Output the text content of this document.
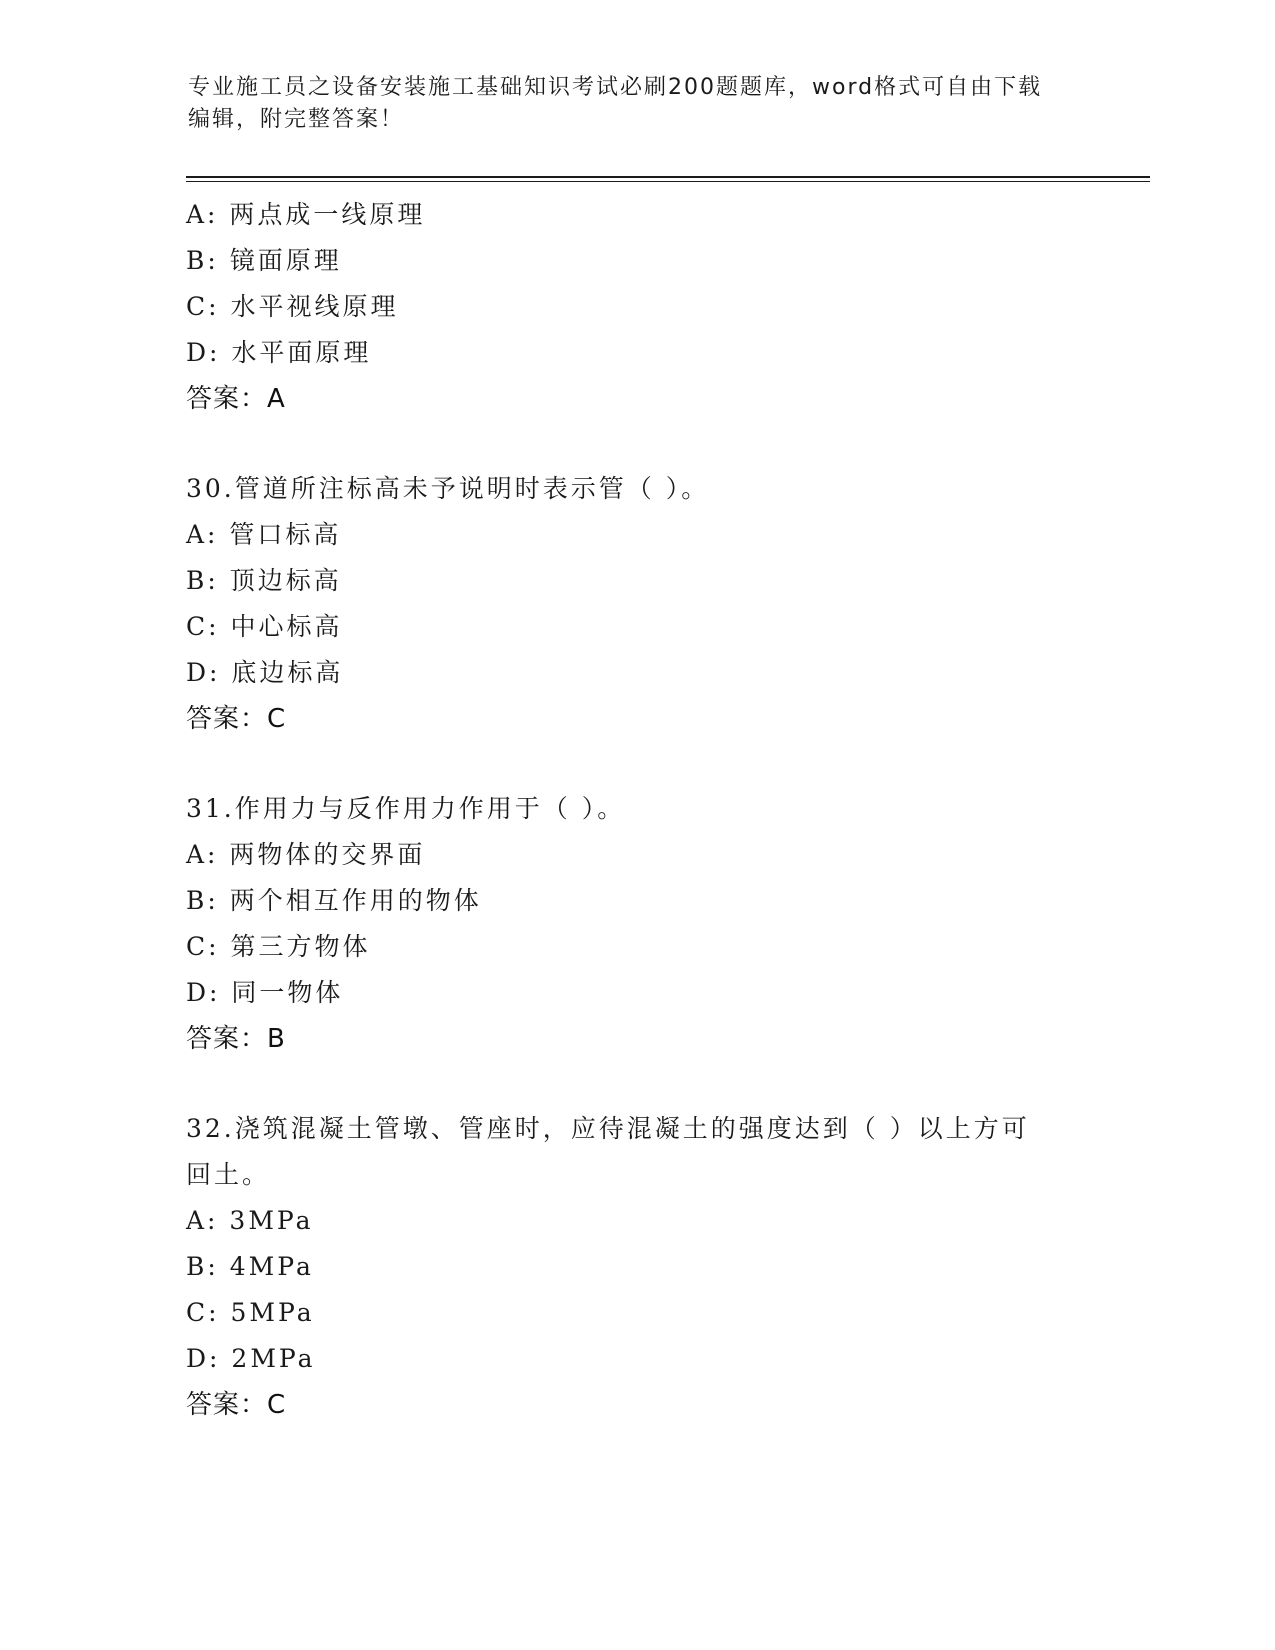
专业施工员之设备安装施工基础知识考试必刷200题题库，word格式可自由下载
编辑，附完整答案！
A: 两点成一线原理
B: 镜面原理
C: 水平视线原理
D: 水平面原理
答案：A
30.管道所注标高未予说明时表示管（ ）。
A: 管口标高
B: 顶边标高
C: 中心标高
D: 底边标高
答案：C
31.作用力与反作用力作用于（ ）。
A: 两物体的交界面
B: 两个相互作用的物体
C: 第三方物体
D: 同一物体
答案：B
32.浇筑混凝土管墩、管座时，应待混凝土的强度达到（ ）以上方可
回土。
A: 3MPa
B: 4MPa
C: 5MPa
D: 2MPa
答案：C
